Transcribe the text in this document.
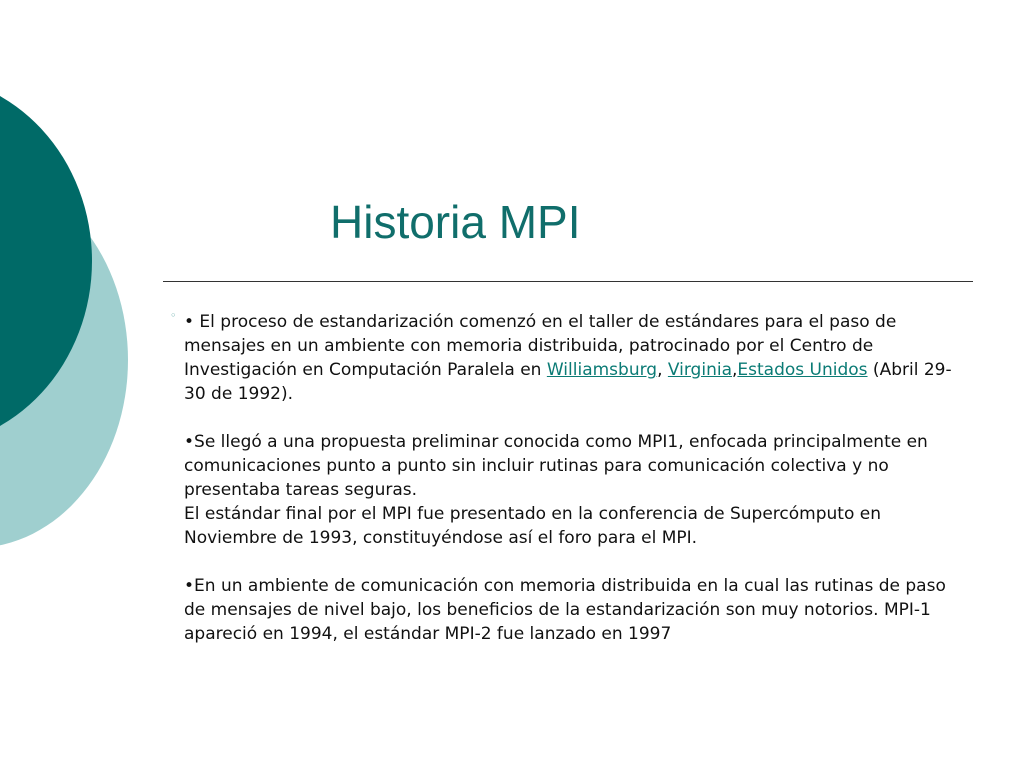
Historia MPI
◦ • El proceso de estandarización comenzó en el taller de estándares para el paso de mensajes en un ambiente con memoria distribuida, patrocinado por el Centro de Investigación en Computación Paralela en Williamsburg, Virginia,Estados Unidos (Abril 29-30 de 1992).

•Se llegó a una propuesta preliminar conocida como MPI1, enfocada principalmente en comunicaciones punto a punto sin incluir rutinas para comunicación colectiva y no presentaba tareas seguras.

El estándar final por el MPI fue presentado en la conferencia de Supercómputo en Noviembre de 1993, constituyéndose así el foro para el MPI.

•En un ambiente de comunicación con memoria distribuida en la cual las rutinas de paso de mensajes de nivel bajo, los beneficios de la estandarización son muy notorios. MPI-1 apareció en 1994, el estándar MPI-2 fue lanzado en 1997
